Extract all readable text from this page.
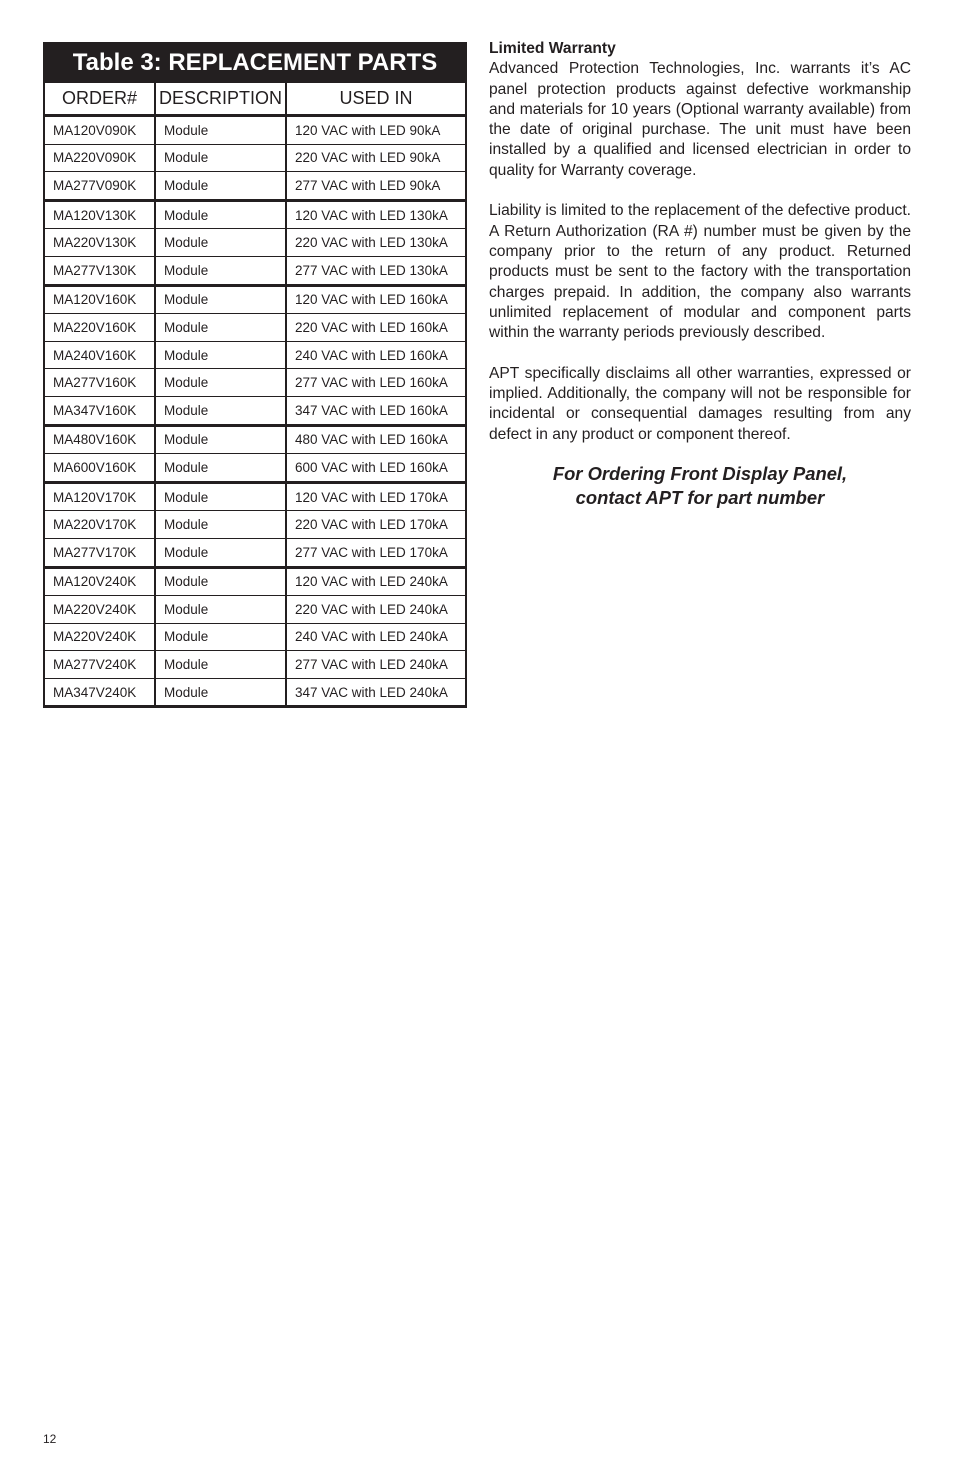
Table 3: REPLACEMENT PARTS		
ORDER#	DESCRIPTION	USED IN
MA120V090K	Module	120 VAC with LED 90kA
MA220V090K	Module	220 VAC with LED 90kA
MA277V090K	Module	277 VAC with LED 90kA
MA120V130K	Module	120 VAC with LED 130kA
MA220V130K	Module	220 VAC with LED 130kA
MA277V130K	Module	277 VAC with LED 130kA
MA120V160K	Module	120 VAC with LED 160kA
MA220V160K	Module	220 VAC with LED 160kA
MA240V160K	Module	240 VAC with LED 160kA
MA277V160K	Module	277 VAC with LED 160kA
MA347V160K	Module	347 VAC with LED 160kA
MA480V160K	Module	480 VAC with LED 160kA
MA600V160K	Module	600 VAC with LED 160kA
MA120V170K	Module	120 VAC with LED 170kA
MA220V170K	Module	220 VAC with LED 170kA
MA277V170K	Module	277 VAC with LED 170kA
MA120V240K	Module	120 VAC with LED 240kA
MA220V240K	Module	220 VAC with LED 240kA
MA220V240K	Module	240 VAC with LED 240kA
MA277V240K	Module	277 VAC with LED 240kA
MA347V240K	Module	347 VAC with LED 240kA
Limited Warranty

Advanced Protection Technologies, Inc. warrants it’s AC panel protection products against defective workmanship and materials for 10 years (Optional warranty available) from the date of original purchase. The unit must have been installed by a qualified and licensed electrician in order to quality for Warranty coverage.

Liability is limited to the replacement of the defective product. A Return Authorization (RA #) number must be given by the company prior to the return of any product. Returned products must be sent to the factory with the transportation charges prepaid. In addition, the company also warrants unlimited replacement of modular and component parts within the warranty periods previously described.

APT specifically disclaims all other warranties, expressed or implied. Additionally, the company will not be responsible for incidental or consequential damages resulting from any defect in any product or component thereof.

For Ordering Front Display Panel,
contact APT for part number
12
